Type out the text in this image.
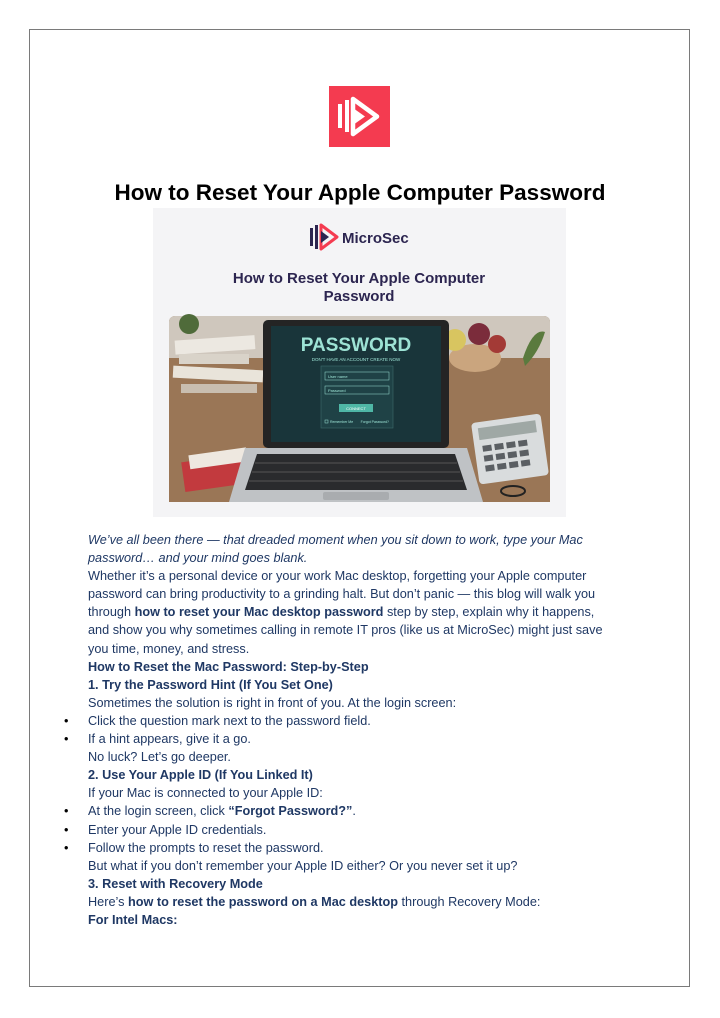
How to Reset Your Apple Computer Password
MicroSec
How to Reset Your Apple Computer
Password
PASSWORD
DON'T HAVE AN ACCOUNT CREATE NOW
User name
Password
CONNECT
Remember Me Forgot Password?

We’ve all been there — that dreaded moment when you sit down to work, type your Mac

password… and your mind goes blank.

Whether it’s a personal device or your work Mac desktop, forgetting your Apple computer

password can bring productivity to a grinding halt. But don’t panic — this blog will walk you

through how to reset your Mac desktop password step by step, explain why it happens,

and show you why sometimes calling in remote IT pros (like us at MicroSec) might just save

you time, money, and stress.

How to Reset the Mac Password: Step-by-Step

1. Try the Password Hint (If You Set One)

Sometimes the solution is right in front of you. At the login screen:

• Click the question mark next to the password field.
• If a hint appears, give it a go.

No luck? Let’s go deeper.

2. Use Your Apple ID (If You Linked It)

If your Mac is connected to your Apple ID:

• At the login screen, click “Forgot Password?”.
• Enter your Apple ID credentials.
• Follow the prompts to reset the password.

But what if you don’t remember your Apple ID either? Or you never set it up?

3. Reset with Recovery Mode

Here’s how to reset the password on a Mac desktop through Recovery Mode:

For Intel Macs:
